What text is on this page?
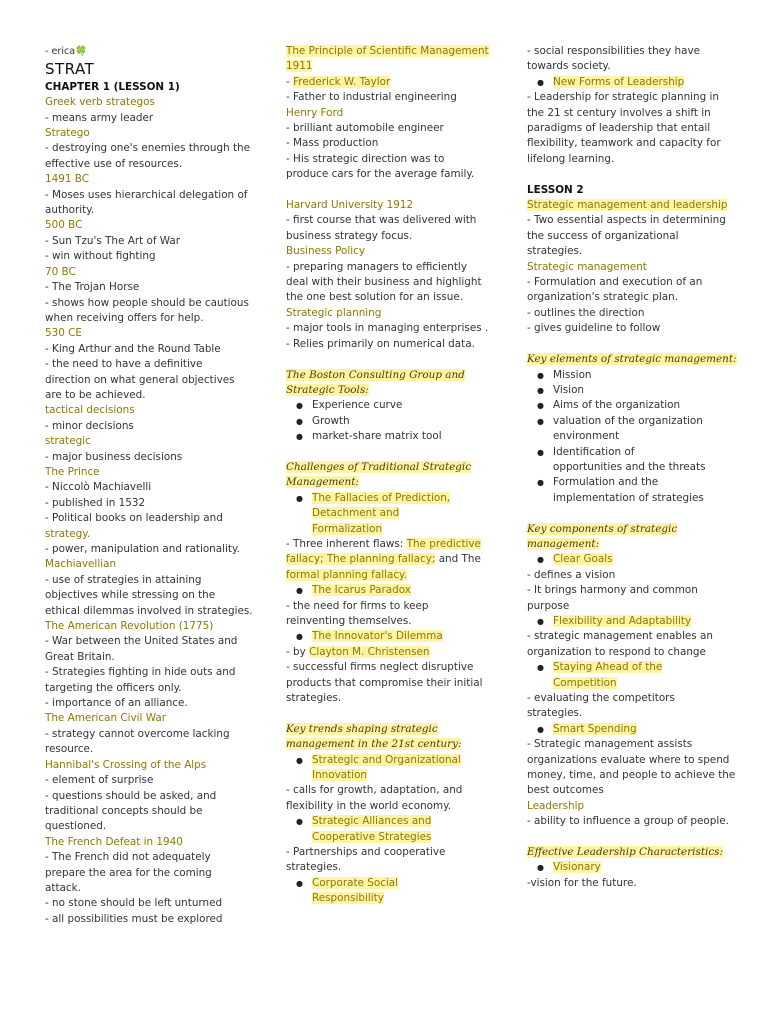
- erica🍀
STRAT
CHAPTER 1 (LESSON 1)
Greek verb strategos
- means army leader
Stratego
- destroying one's enemies through the
effective use of resources.
1491 BC
- Moses uses hierarchical delegation of
authority.
500 BC
- Sun Tzu's The Art of War
- win without fighting
70 BC
- The Trojan Horse
- shows how people should be cautious
when receiving offers for help.
530 CE
- King Arthur and the Round Table
- the need to have a definitive
direction on what general objectives
are to be achieved.
tactical decisions
- minor decisions
strategic
- major business decisions
The Prince
- Niccolò Machiavelli
- published in 1532
- Political books on leadership and
strategy.
- power, manipulation and rationality.
Machiavellian
- use of strategies in attaining
objectives while stressing on the
ethical dilemmas involved in strategies.
The American Revolution (1775)
- War between the United States and
Great Britain.
- Strategies fighting in hide outs and
targeting the officers only.
- importance of an alliance.
The American Civil War
- strategy cannot overcome lacking
resource.
Hannibal's Crossing of the Alps
- element of surprise
- questions should be asked, and
traditional concepts should be
questioned.
The French Defeat in 1940
- The French did not adequately
prepare the area for the coming
attack.
- no stone should be left unturned
- all possibilities must be explored
The Principle of Scientific Management
1911
- Frederick W. Taylor
- Father to industrial engineering
Henry Ford
- brilliant automobile engineer
- Mass production
- His strategic direction was to
produce cars for the average family.
Harvard University 1912
- first course that was delivered with
business strategy focus.
Business Policy
- preparing managers to efficiently
deal with their business and highlight
the one best solution for an issue.
Strategic planning
- major tools in managing enterprises .
- Relies primarily on numerical data.
The Boston Consulting Group and
Strategic Tools:
● Experience curve
● Growth
● market-share matrix tool
Challenges of Traditional Strategic
Management:
● The Fallacies of Prediction,
Detachment and
Formalization
- Three inherent flaws: The predictive
fallacy; The planning fallacy; and The
formal planning fallacy.
● The Icarus Paradox
- the need for firms to keep
reinventing themselves.
● The Innovator's Dilemma
- by Clayton M. Christensen
- successful firms neglect disruptive
products that compromise their initial
strategies.
Key trends shaping strategic
management in the 21st century:
● Strategic and Organizational
Innovation
- calls for growth, adaptation, and
flexibility in the world economy.
● Strategic Alliances and
Cooperative Strategies
- Partnerships and cooperative
strategies.
● Corporate Social
Responsibility
- social responsibilities they have
towards society.
● New Forms of Leadership
- Leadership for strategic planning in
the 21 st century involves a shift in
paradigms of leadership that entail
flexibility, teamwork and capacity for
lifelong learning.
LESSON 2
Strategic management and leadership
- Two essential aspects in determining
the success of organizational
strategies.
Strategic management
- Formulation and execution of an
organization's strategic plan.
- outlines the direction
- gives guideline to follow
Key elements of strategic management:
● Mission
● Vision
● Aims of the organization
● valuation of the organization
environment
● Identification of
opportunities and the threats
● Formulation and the
implementation of strategies
Key components of strategic
management:
● Clear Goals
- defines a vision
- It brings harmony and common
purpose
● Flexibility and Adaptability
- strategic management enables an
organization to respond to change
● Staying Ahead of the
Competition
- evaluating the competitors
strategies.
● Smart Spending
- Strategic management assists
organizations evaluate where to spend
money, time, and people to achieve the
best outcomes
Leadership
- ability to influence a group of people.
Effective Leadership Characteristics:
● Visionary
-vision for the future.
